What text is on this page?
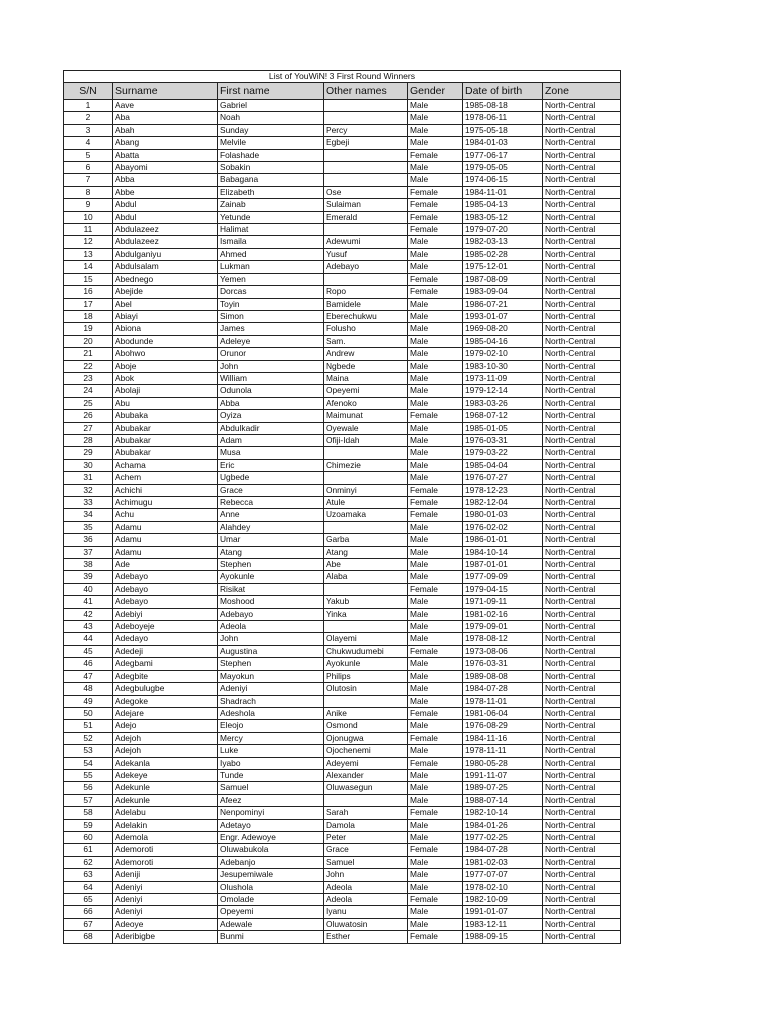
List of YouWiN! 3 First Round Winners						
S/N	Surname	First name	Other names	Gender	Date of birth	Zone
1	Aave	Gabriel		Male	1985-08-18	North-Central
2	Aba	Noah		Male	1978-06-11	North-Central
3	Abah	Sunday	Percy	Male	1975-05-18	North-Central
4	Abang	Melvile	Egbeji	Male	1984-01-03	North-Central
5	Abatta	Folashade		Female	1977-06-17	North-Central
6	Abayomi	Sobakin		Male	1979-05-05	North-Central
7	Abba	Babagana		Male	1974-06-15	North-Central
8	Abbe	Elizabeth	Ose	Female	1984-11-01	North-Central
9	Abdul	Zainab	Sulaiman	Female	1985-04-13	North-Central
10	Abdul	Yetunde	Emerald	Female	1983-05-12	North-Central
11	Abdulazeez	Halimat		Female	1979-07-20	North-Central
12	Abdulazeez	Ismaila	Adewumi	Male	1982-03-13	North-Central
13	Abdulganiyu	Ahmed	Yusuf	Male	1985-02-28	North-Central
14	Abdulsalam	Lukman	Adebayo	Male	1975-12-01	North-Central
15	Abednego	Yemen		Female	1987-08-09	North-Central
16	Abejide	Dorcas	Ropo	Female	1983-09-04	North-Central
17	Abel	Toyin	Bamidele	Male	1986-07-21	North-Central
18	Abiayi	Simon	Eberechukwu	Male	1993-01-07	North-Central
19	Abiona	James	Folusho	Male	1969-08-20	North-Central
20	Abodunde	Adeleye	Sam.	Male	1985-04-16	North-Central
21	Abohwo	Orunor	Andrew	Male	1979-02-10	North-Central
22	Aboje	John	Ngbede	Male	1983-10-30	North-Central
23	Abok	William	Maina	Male	1973-11-09	North-Central
24	Abolaji	Odunola	Opeyemi	Male	1979-12-14	North-Central
25	Abu	Abba	Afenoko	Male	1983-03-26	North-Central
26	Abubaka	Oyiza	Maimunat	Female	1968-07-12	North-Central
27	Abubakar	Abdulkadir	Oyewale	Male	1985-01-05	North-Central
28	Abubakar	Adam	Ofiji-Idah	Male	1976-03-31	North-Central
29	Abubakar	Musa		Male	1979-03-22	North-Central
30	Achama	Eric	Chimezie	Male	1985-04-04	North-Central
31	Achem	Ugbede		Male	1976-07-27	North-Central
32	Achichi	Grace	Onminyi	Female	1978-12-23	North-Central
33	Achimugu	Rebecca	Atule	Female	1982-12-04	North-Central
34	Achu	Anne	Uzoamaka	Female	1980-01-03	North-Central
35	Adamu	Alahdey		Male	1976-02-02	North-Central
36	Adamu	Umar	Garba	Male	1986-01-01	North-Central
37	Adamu	Atang	Atang	Male	1984-10-14	North-Central
38	Ade	Stephen	Abe	Male	1987-01-01	North-Central
39	Adebayo	Ayokunle	Alaba	Male	1977-09-09	North-Central
40	Adebayo	Risikat		Female	1979-04-15	North-Central
41	Adebayo	Moshood	Yakub	Male	1971-09-11	North-Central
42	Adebiyi	Adebayo	Yinka	Male	1981-02-16	North-Central
43	Adeboyeje	Adeola		Male	1979-09-01	North-Central
44	Adedayo	John	Olayemi	Male	1978-08-12	North-Central
45	Adedeji	Augustina	Chukwudumebi	Female	1973-08-06	North-Central
46	Adegbami	Stephen	Ayokunle	Male	1976-03-31	North-Central
47	Adegbite	Mayokun	Philips	Male	1989-08-08	North-Central
48	Adegbulugbe	Adeniyi	Olutosin	Male	1984-07-28	North-Central
49	Adegoke	Shadrach		Male	1978-11-01	North-Central
50	Adejare	Adeshola	Anike	Female	1981-06-04	North-Central
51	Adejo	Eleojo	Osmond	Male	1976-08-29	North-Central
52	Adejoh	Mercy	Ojonugwa	Female	1984-11-16	North-Central
53	Adejoh	Luke	Ojochenemi	Male	1978-11-11	North-Central
54	Adekanla	Iyabo	Adeyemi	Female	1980-05-28	North-Central
55	Adekeye	Tunde	Alexander	Male	1991-11-07	North-Central
56	Adekunle	Samuel	Oluwasegun	Male	1989-07-25	North-Central
57	Adekunle	Afeez		Male	1988-07-14	North-Central
58	Adelabu	Nenpominyi	Sarah	Female	1982-10-14	North-Central
59	Adelakin	Adetayo	Damola	Male	1984-01-26	North-Central
60	Ademola	Engr. Adewoye	Peter	Male	1977-02-25	North-Central
61	Ademoroti	Oluwabukola	Grace	Female	1984-07-28	North-Central
62	Ademoroti	Adebanjo	Samuel	Male	1981-02-03	North-Central
63	Adeniji	Jesupemiwale	John	Male	1977-07-07	North-Central
64	Adeniyi	Olushola	Adeola	Male	1978-02-10	North-Central
65	Adeniyi	Omolade	Adeola	Female	1982-10-09	North-Central
66	Adeniyi	Opeyemi	Iyanu	Male	1991-01-07	North-Central
67	Adeoye	Adewale	Oluwatosin	Male	1983-12-11	North-Central
68	Aderibigbe	Bunmi	Esther	Female	1988-09-15	North-Central
